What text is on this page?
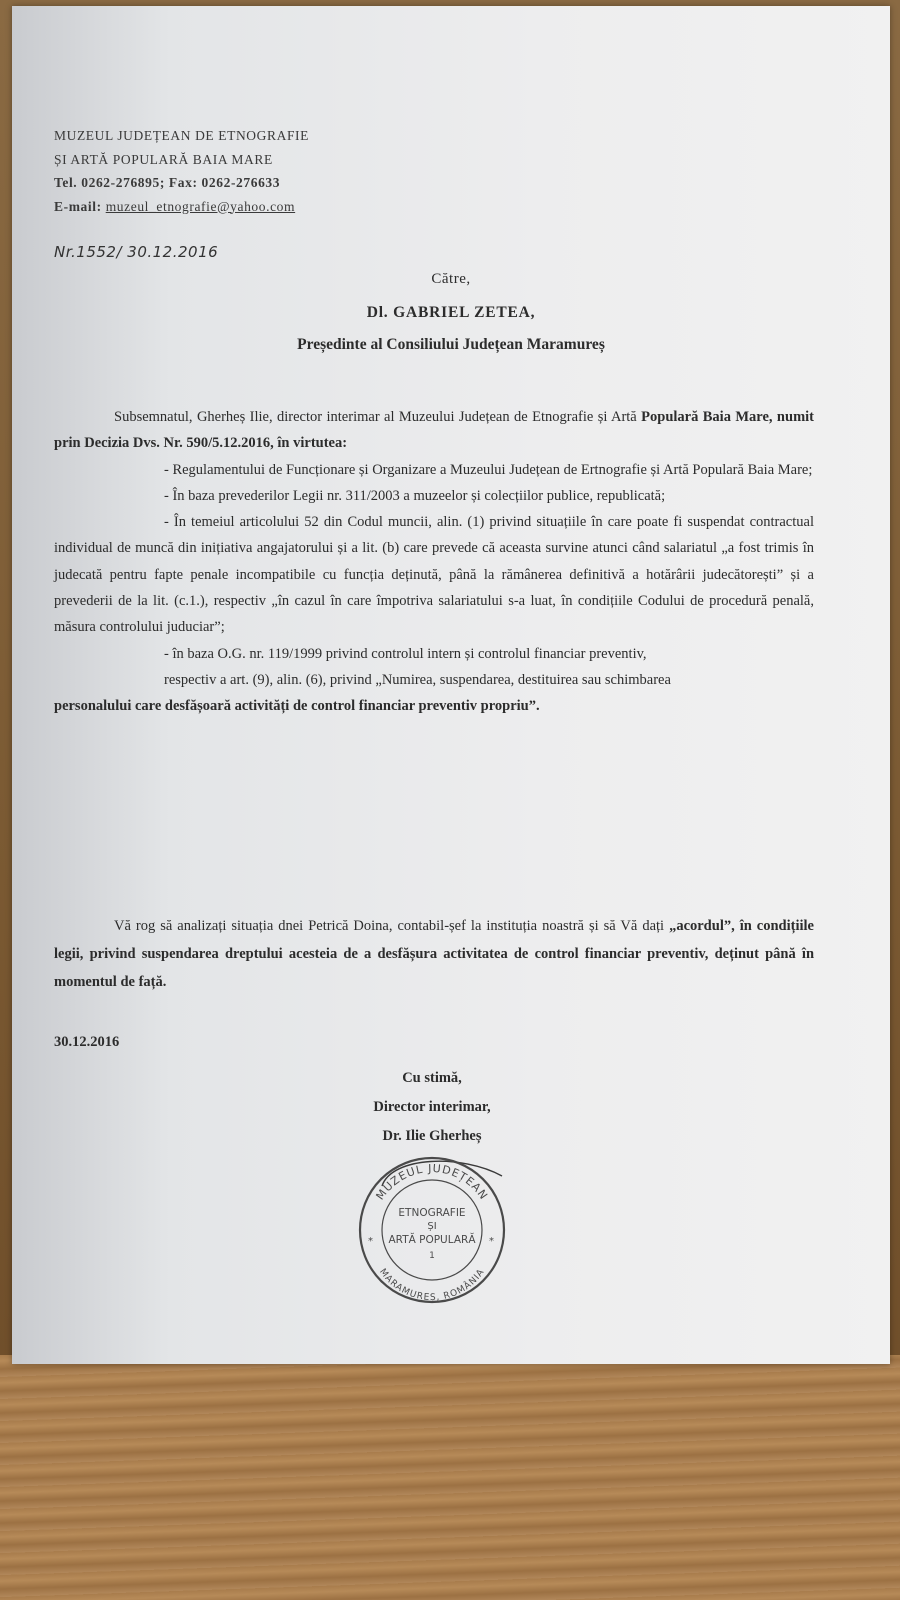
MUZEUL JUDEȚEAN DE ETNOGRAFIE
ȘI ARTĂ POPULARĂ BAIA MARE
Tel. 0262-276895; Fax: 0262-276633
E-mail: muzeul_etnografie@yahoo.com
Nr.1552/ 30.12.2016
Către,
Dl. GABRIEL ZETEA,
Președinte al Consiliului Județean Maramureș

Subsemnatul, Gherheș Ilie, director interimar al Muzeului Județean de Etnografie și Artă Populară Baia Mare, numit prin Decizia Dvs. Nr. 590/5.12.2016, în virtutea:

- Regulamentului de Funcționare și Organizare a Muzeului Județean de Ertnografie și Artă Populară Baia Mare;

- În baza prevederilor Legii nr. 311/2003 a muzeelor și colecțiilor publice, republicată;

- În temeiul articolului 52 din Codul muncii, alin. (1) privind situațiile în care poate fi suspendat contractual individual de muncă din inițiativa angajatorului și a lit. (b) care prevede că aceasta survine atunci când salariatul „a fost trimis în judecată pentru fapte penale incompatibile cu funcția deținută, până la rămânerea definitivă a hotărârii judecătorești” și a prevederii de la lit. (c.1.), respectiv „în cazul în care împotriva salariatului s-a luat, în condițiile Codului de procedură penală, măsura controlului juduciar”;

- în baza O.G. nr. 119/1999 privind controlul intern și controlul financiar preventiv,

respectiv a art. (9), alin. (6), privind „Numirea, suspendarea, destituirea sau schimbarea

personalului care desfășoară activități de control financiar preventiv propriu”.

Vă rog să analizați situația dnei Petrică Doina, contabil-șef la instituția noastră și să Vă dați „acordul”, în condițiile legii, privind suspendarea dreptului acesteia de a desfășura activitatea de control financiar preventiv, deținut până în momentul de față.
30.12.2016
Cu stimă,
Director interimar,
Dr. Ilie Gherheș
MUZEUL JUDEȚEAN
MARAMUREȘ, ROMÂNIA
ETNOGRAFIE
ȘI
ARTĂ POPULARĂ
1
*	*
